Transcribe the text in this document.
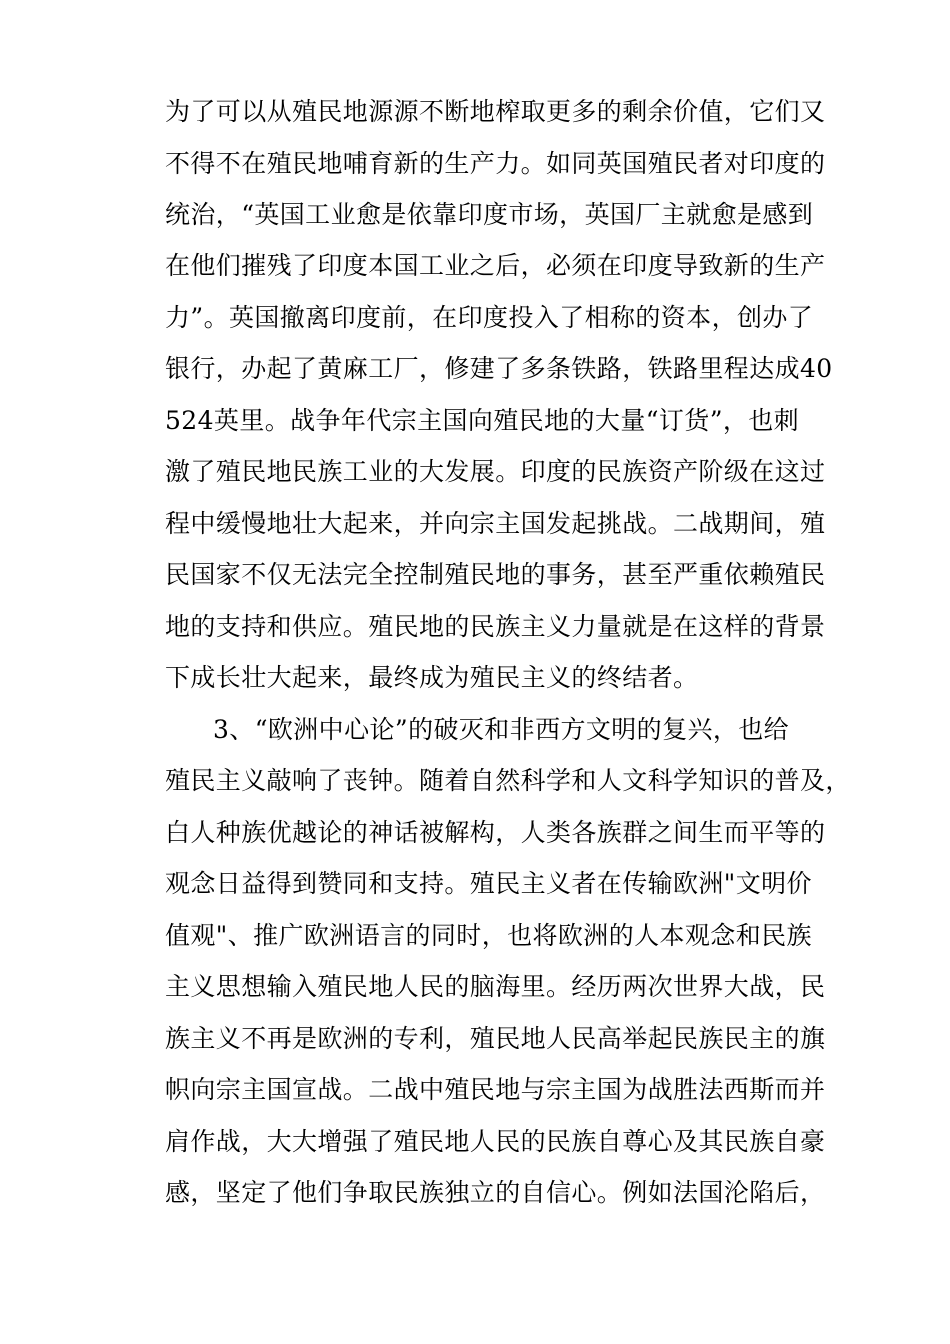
为了可以从殖民地源源不断地榨取更多的剩余价值，它们又
不得不在殖民地哺育新的生产力。如同英国殖民者对印度的
统治，“英国工业愈是依靠印度市场，英国厂主就愈是感到
在他们摧残了印度本国工业之后，必须在印度导致新的生产
力”。英国撤离印度前，在印度投入了相称的资本，创办了
银行，办起了黄麻工厂，修建了多条铁路，铁路里程达成40
524英里。战争年代宗主国向殖民地的大量“订货”，也刺
激了殖民地民族工业的大发展。印度的民族资产阶级在这过
程中缓慢地壮大起来，并向宗主国发起挑战。二战期间，殖
民国家不仅无法完全控制殖民地的事务，甚至严重依赖殖民
地的支持和供应。殖民地的民族主义力量就是在这样的背景
下成长壮大起来，最终成为殖民主义的终结者。
3、“欧洲中心论”的破灭和非西方文明的复兴，也给
殖民主义敲响了丧钟。随着自然科学和人文科学知识的普及，
白人种族优越论的神话被解构，人类各族群之间生而平等的
观念日益得到赞同和支持。殖民主义者在传输欧洲"文明价
值观"、推广欧洲语言的同时，也将欧洲的人本观念和民族
主义思想输入殖民地人民的脑海里。经历两次世界大战，民
族主义不再是欧洲的专利，殖民地人民高举起民族民主的旗
帜向宗主国宣战。二战中殖民地与宗主国为战胜法西斯而并
肩作战，大大增强了殖民地人民的民族自尊心及其民族自豪
感，坚定了他们争取民族独立的自信心。例如法国沦陷后，
